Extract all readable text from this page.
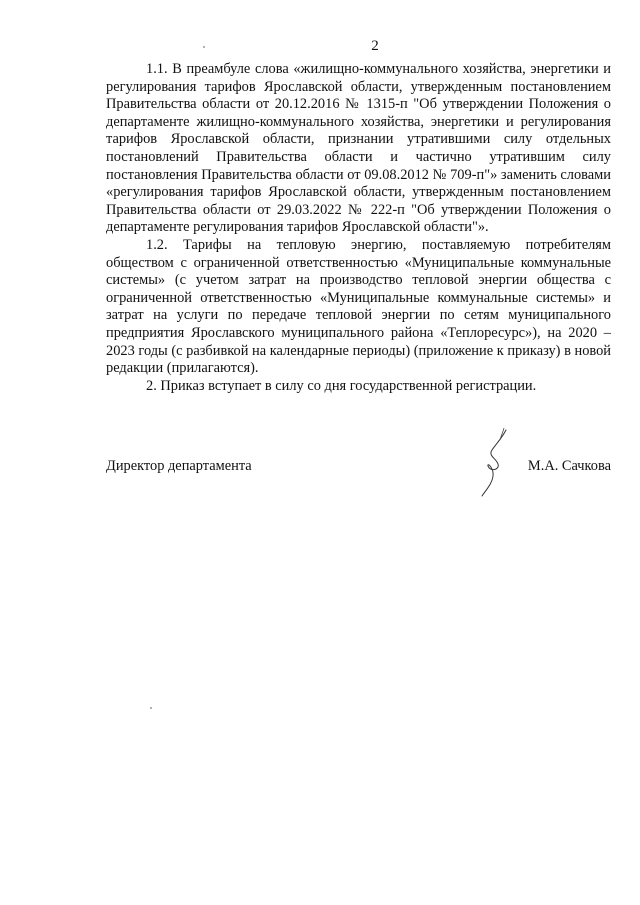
2

1.1. В преамбуле слова «жилищно-коммунального хозяйства, энергетики и регулирования тарифов Ярославской области, утвержденным постановлением Правительства области от 20.12.2016 № 1315-п "Об утверждении Положения о департаменте жилищно-коммунального хозяйства, энергетики и регулирования тарифов Ярославской области, признании утратившими силу отдельных постановлений Правительства области и частично утратившим силу постановления Правительства области от 09.08.2012 № 709-п"» заменить словами «регулирования тарифов Ярославской области, утвержденным постановлением Правительства области от 29.03.2022 № 222-п "Об утверждении Положения о департаменте регулирования тарифов Ярославской области"».

1.2. Тарифы на тепловую энергию, поставляемую потребителям обществом с ограниченной ответственностью «Муниципальные коммунальные системы» (с учетом затрат на производство тепловой энергии общества с ограниченной ответственностью «Муниципальные коммунальные системы» и затрат на услуги по передаче тепловой энергии по сетям муниципального предприятия Ярославского муниципального района «Теплоресурс»), на 2020 – 2023 годы (с разбивкой на календарные периоды) (приложение к приказу) в новой редакции (прилагаются).

2. Приказ вступает в силу со дня государственной регистрации.

Директор департамента	М.А. Сачкова
